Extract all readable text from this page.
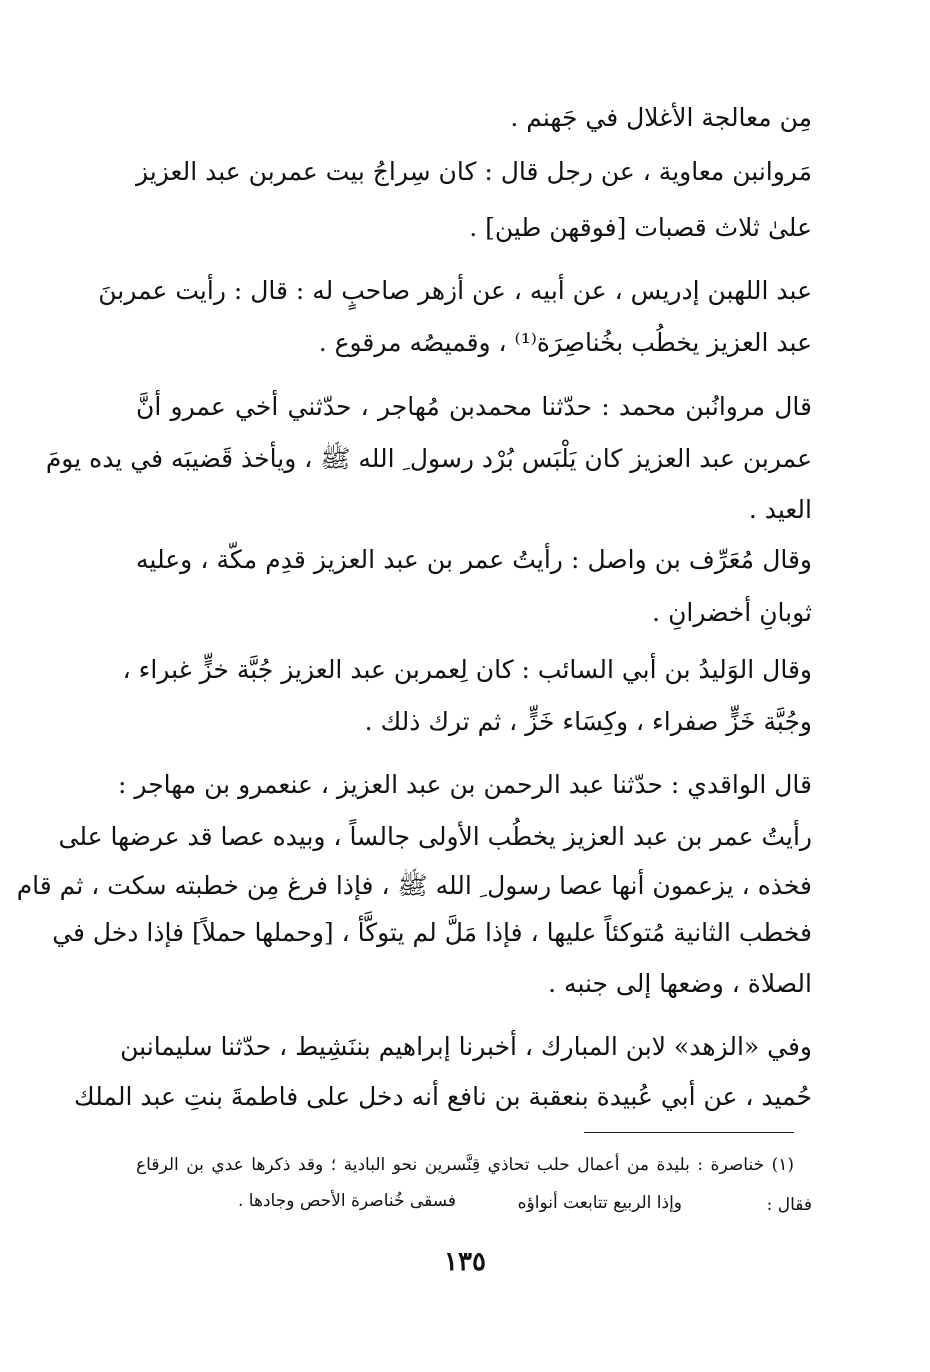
مِن معالجة الأغلال في جَهنم .
مَروانبن معاوية ، عن رجل قال : كان سِراجُ بيت عمربن عبد العزيز
علىٰ ثلاث قصبات [فوقهن طين] .
عبد اللهبن إدريس ، عن أبيه ، عن أزهر صاحبٍ له : قال : رأيت عمربنَ
عبد العزيز يخطُب بخُناصِرَة⁽¹⁾ ، وقميصُه مرقوع .
قال مروانُبن محمد : حدّثنا محمدبن مُهاجر ، حدّثني أخي عمرو أنَّ
عمربن عبد العزيز كان يَلْبَس بُرْد رسول ِ الله ﷺ ، ويأخذ قَضيبَه في يده يومَ
العيد .
وقال مُعَرِّف بن واصل : رأيتُ عمر بن عبد العزيز قدِم مكّة ، وعليه
ثوبانِ أخضرانِ .
وقال الوَليدُ بن أبي السائب : كان لِعمربن عبد العزيز جُبَّة خزٍّ غبراء ،
وجُبَّة خَزٍّ صفراء ، وكِسَاء خَزٍّ ، ثم ترك ذلك .
قال الواقدي : حدّثنا عبد الرحمن بن عبد العزيز ، عنعمرو بن مهاجر :
رأيتُ عمر بن عبد العزيز يخطُب الأولى جالساً ، وبيده عصا قد عرضها على
فخذه ، يزعمون أنها عصا رسول ِ الله ﷺ ، فإذا فرغ مِن خطبته سكت ، ثم قام
فخطب الثانية مُتوكئاً عليها ، فإذا مَلَّ لم يتوكَّأ ، [وحملها حملاً] فإذا دخل في
الصلاة ، وضعها إلى جنبه .
وفي «الزهد» لابن المبارك ، أخبرنا إبراهيم بننَشِيط ، حدّثنا سليمانبن
حُميد ، عن أبي عُبيدة بنعقبة بن نافع أنه دخل على فاطمةَ بنتِ عبد الملك
(١) خناصرة : بليدة من أعمال حلب تحاذي قِنَّسرين نحو البادية ؛ وقد ذكرها عدي بن الرقاع
فقال :
وإذا الربيع تتابعت أنواؤه
فسقى خُناصرة الأحص وجادها .
١٣٥
